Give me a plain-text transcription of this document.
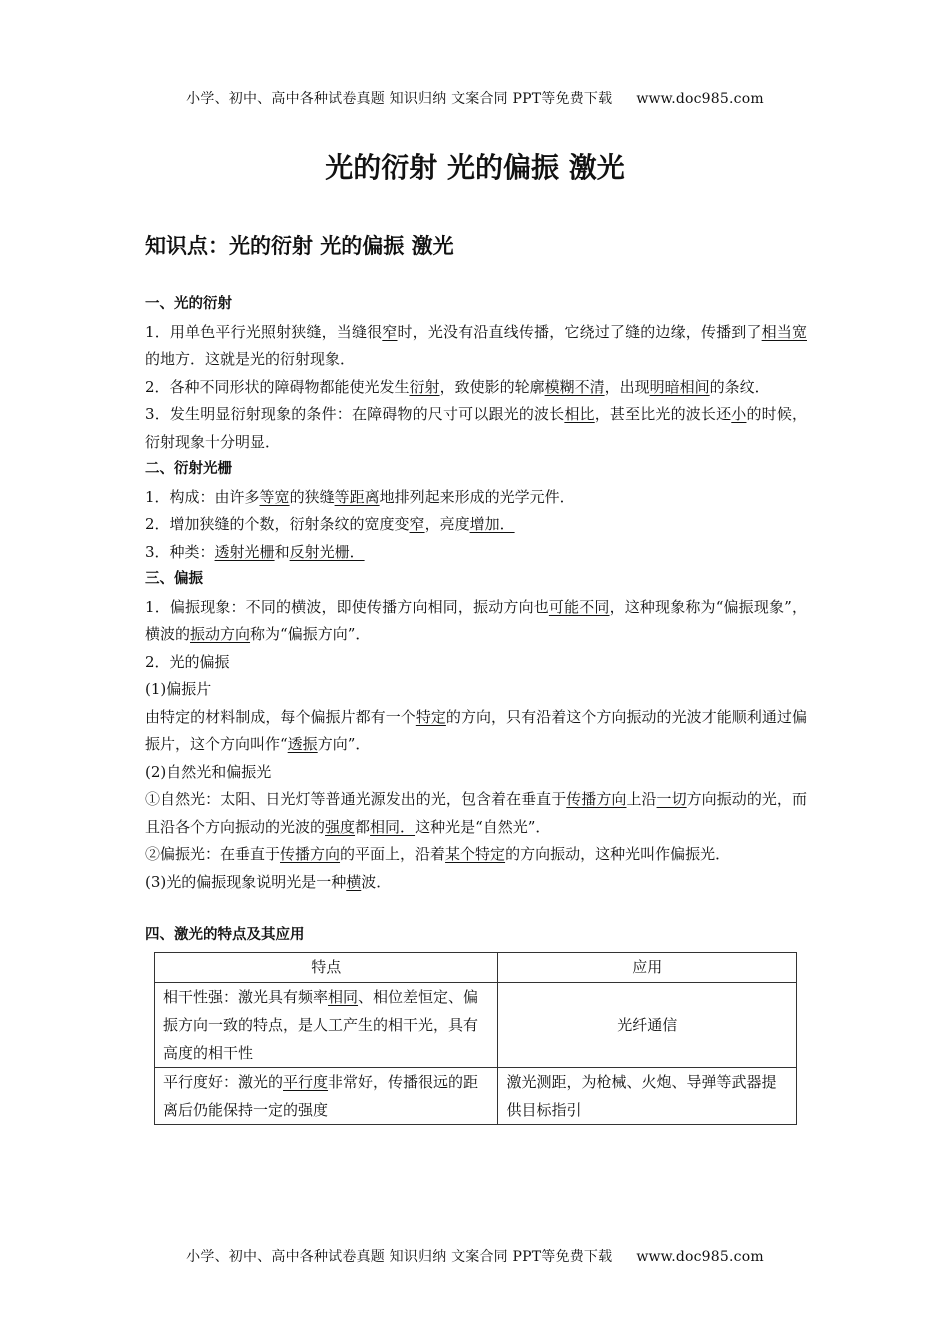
小学、初中、高中各种试卷真题 知识归纳 文案合同 PPT等免费下载 www.doc985.com
光的衍射 光的偏振 激光
知识点：光的衍射 光的偏振 激光

一、光的衍射

1．用单色平行光照射狭缝，当缝很窄时，光没有沿直线传播，它绕过了缝的边缘，传播到了相当宽的地方．这就是光的衍射现象．

2．各种不同形状的障碍物都能使光发生衍射，致使影的轮廓模糊不清，出现明暗相间的条纹．

3．发生明显衍射现象的条件：在障碍物的尺寸可以跟光的波长相比，甚至比光的波长还小的时候，衍射现象十分明显．

二、衍射光栅

1．构成：由许多等宽的狭缝等距离地排列起来形成的光学元件．

2．增加狭缝的个数，衍射条纹的宽度变窄，亮度增加．

3．种类：透射光栅和反射光栅．

三、偏振

1．偏振现象：不同的横波，即使传播方向相同，振动方向也可能不同，这种现象称为“偏振现象”，横波的振动方向称为“偏振方向”．

2．光的偏振

(1)偏振片

由特定的材料制成，每个偏振片都有一个特定的方向，只有沿着这个方向振动的光波才能顺利通过偏振片，这个方向叫作“透振方向”．

(2)自然光和偏振光

①自然光：太阳、日光灯等普通光源发出的光，包含着在垂直于传播方向上沿一切方向振动的光，而且沿各个方向振动的光波的强度都相同．这种光是“自然光”．

②偏振光：在垂直于传播方向的平面上，沿着某个特定的方向振动，这种光叫作偏振光．

(3)光的偏振现象说明光是一种横波．

四、激光的特点及其应用

特点	应用
相干性强：激光具有频率相同、相位差恒定、偏振方向一致的特点，是人工产生的相干光，具有高度的相干性	光纤通信
平行度好：激光的平行度非常好，传播很远的距离后仍能保持一定的强度	激光测距，为枪械、火炮、导弹等武器提供目标指引
小学、初中、高中各种试卷真题 知识归纳 文案合同 PPT等免费下载 www.doc985.com
